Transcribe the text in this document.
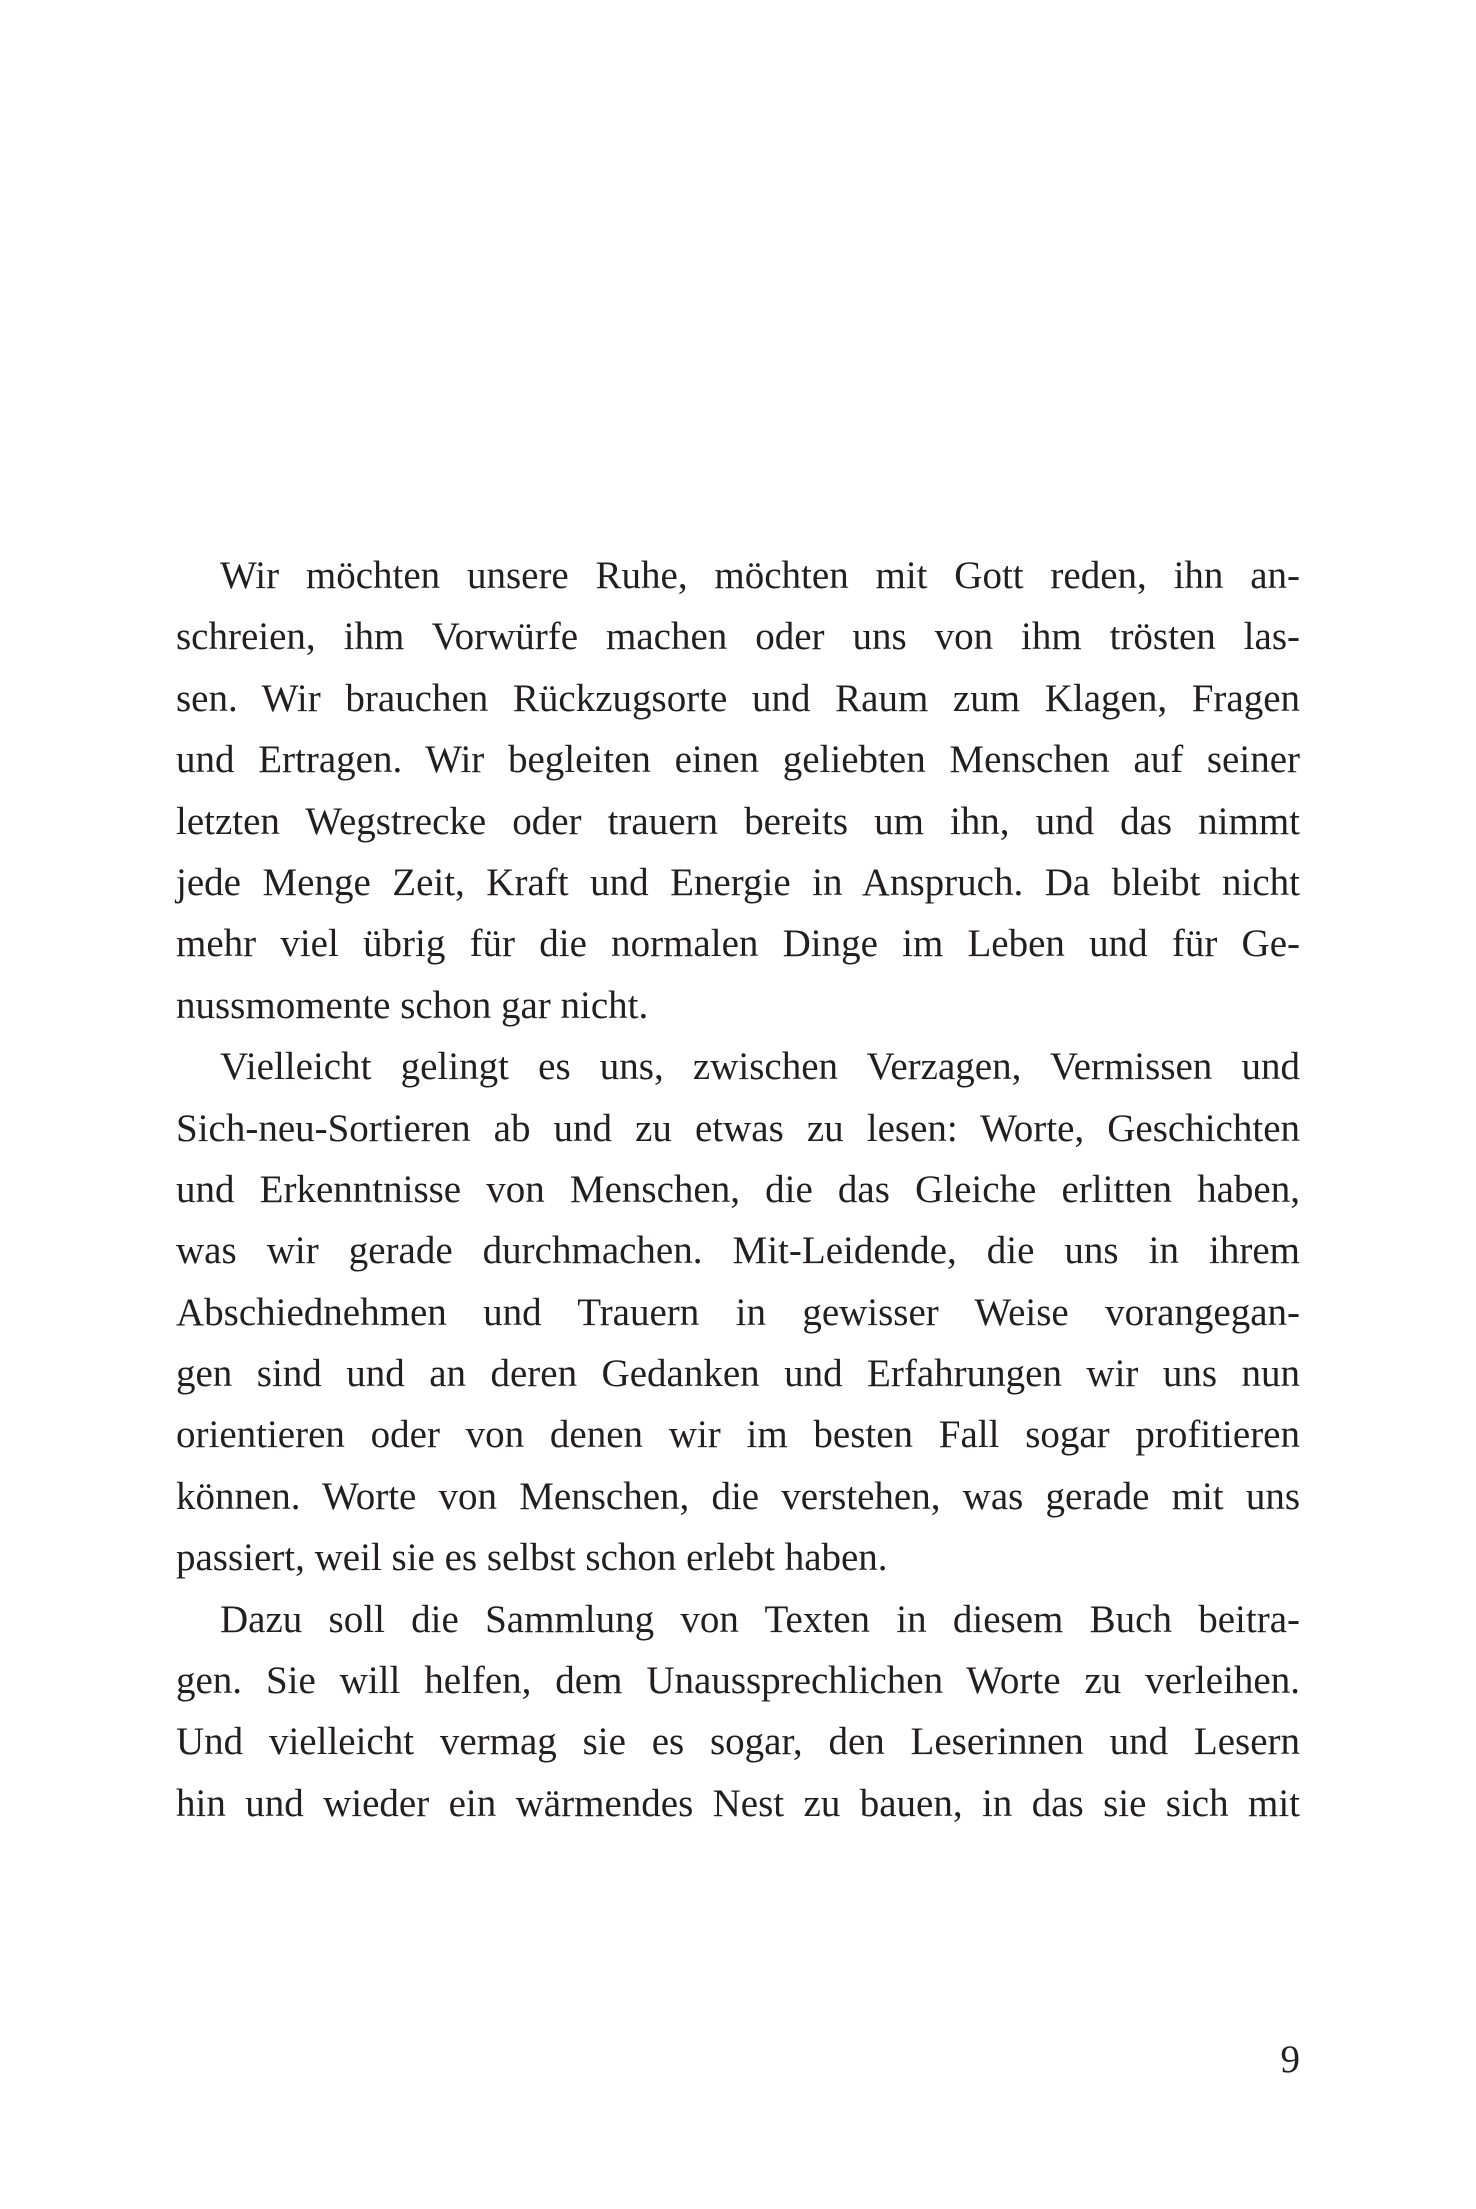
Wir möchten unsere Ruhe, möchten mit Gott reden, ihn an-
schreien, ihm Vorwürfe machen oder uns von ihm trösten las-
sen. Wir brauchen Rückzugsorte und Raum zum Klagen, Fragen
und Ertragen. Wir begleiten einen geliebten Menschen auf seiner
letzten Wegstrecke oder trauern bereits um ihn, und das nimmt
jede Menge Zeit, Kraft und Energie in Anspruch. Da bleibt nicht
mehr viel übrig für die normalen Dinge im Leben und für Ge-
nussmomente schon gar nicht.
Vielleicht gelingt es uns, zwischen Verzagen, Vermissen und
Sich-neu-Sortieren ab und zu etwas zu lesen: Worte, Geschichten
und Erkenntnisse von Menschen, die das Gleiche erlitten haben,
was wir gerade durchmachen. Mit-Leidende, die uns in ihrem
Abschiednehmen und Trauern in gewisser Weise vorangegan-
gen sind und an deren Gedanken und Erfahrungen wir uns nun
orientieren oder von denen wir im besten Fall sogar profitieren
können. Worte von Menschen, die verstehen, was gerade mit uns
passiert, weil sie es selbst schon erlebt haben.
Dazu soll die Sammlung von Texten in diesem Buch beitra-
gen. Sie will helfen, dem Unaussprechlichen Worte zu verleihen.
Und vielleicht vermag sie es sogar, den Leserinnen und Lesern
hin und wieder ein wärmendes Nest zu bauen, in das sie sich mit
9
